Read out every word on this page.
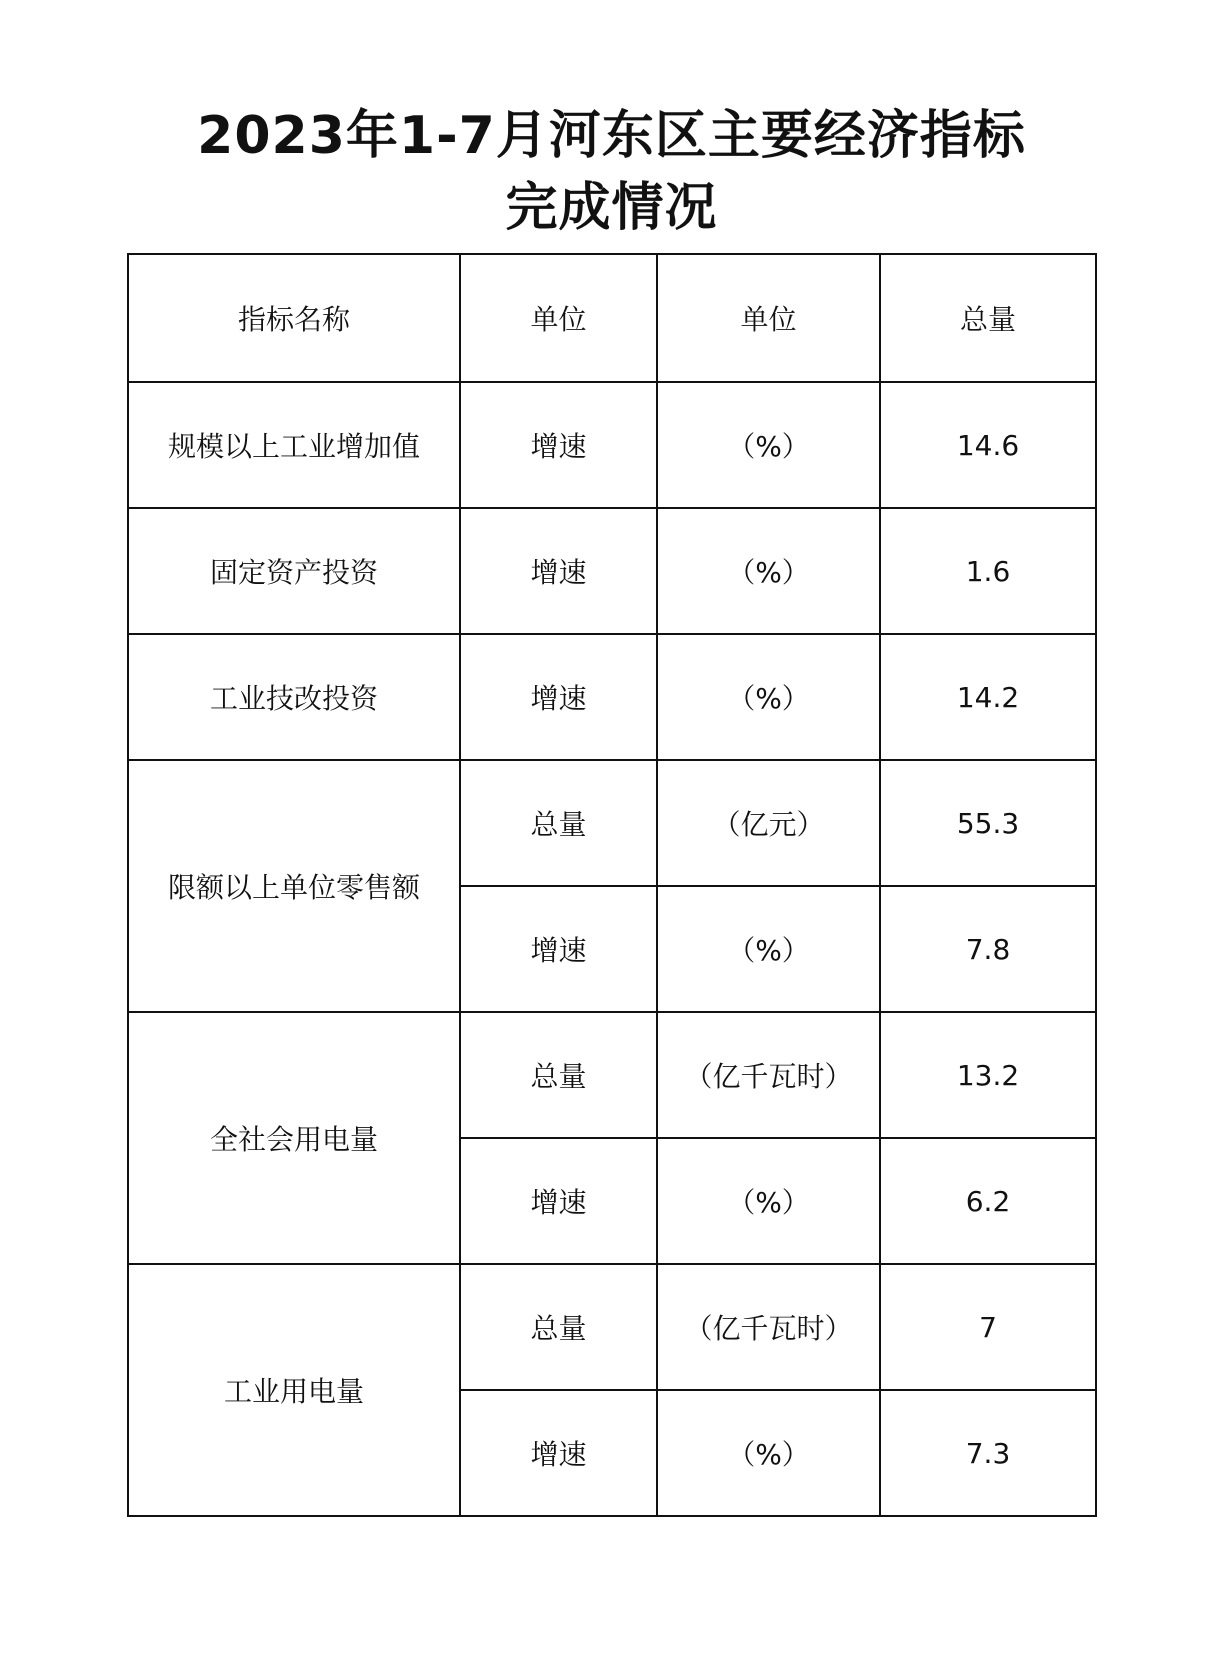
2023年1-7月河东区主要经济指标
完成情况
指标名称	单位	单位	总量
规模以上工业增加值	增速	（%）	14.6
固定资产投资	增速	（%）	1.6
工业技改投资	增速	（%）	14.2
限额以上单位零售额	总量	（亿元）	55.3
	增速	（%）	7.8
全社会用电量	总量	（亿千瓦时）	13.2
	增速	（%）	6.2
工业用电量	总量	（亿千瓦时）	7
	增速	（%）	7.3
